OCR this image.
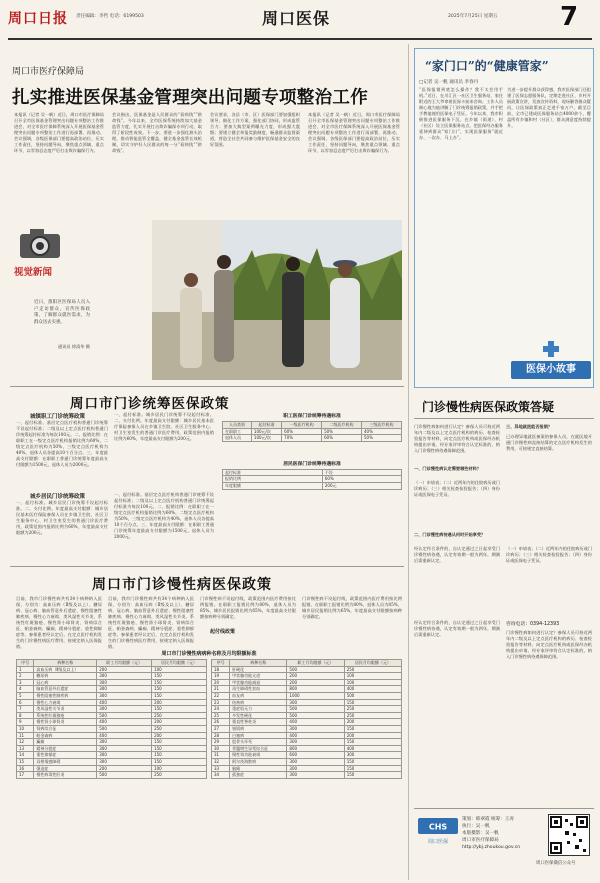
周口日报 责任编辑：李哲 电话：6199503	周口医保	2025年7月25日 星期五 7
周口市医疗保障局
扎实推进医保基金管理突出问题专项整治工作
本报讯（记者 吴一帆）近日，周口市医疗保障局召开全市医保基金管理突出问题专项整治工作推进会，对全市医疗保障系统深入开展医保基金管理突出问题专项整治工作进行再部署、再推动。会议强调，各级医保部门要提高政治站位，压实工作责任，坚持问题导向，聚焦重点领域、重点环节，以零容忍态度严厉打击欺诈骗保行为。
会议指出，医保基金是人民群众的“看病钱”“救命钱”。今年以来，全市医保系统持续加大基金监管力度，扎实开展打击欺诈骗保专项行动，取得了阶段性成效。下一步，要进一步强化源头治理，推动智能监管全覆盖，健全基金监管长效机制，切实守护好人民群众的每一分“看病钱”“救命钱”。
会议要求，各县（市、区）医保部门要加强组织领导，细化工作方案，强化部门协同，形成监管合力；要加大典型案例曝光力度，形成强大震慑；要建立健全举报奖励制度，畅通群众监督渠道，营造全社会共同参与维护医保基金安全的良好氛围。
本报讯（记者 吴一帆）近日，周口市医疗保障局召开全市医保基金管理突出问题专项整治工作推进会，对全市医疗保障系统深入开展医保基金管理突出问题专项整治工作进行再部署、再推动。会议强调，各级医保部门要提高政治站位，压实工作责任，坚持问题导向，聚焦重点领域、重点环节，以零容忍态度严厉打击欺诈骗保行为。
视觉新闻
近日，淮阳区医保局人员入户走访群众，宣传医保政策，了解群众就医需求，为群众送去实惠。
通讯员 徐清华 摄
周口市门诊统筹医保政策
城镇职工门诊统筹政策
一、起付标准。基层定点医疗机构普通门诊统筹不设起付标准；二级及以上定点医疗机构普通门诊统筹起付标准为每次100元。二、报销比例：在职职工在一级定点医疗机构报销比例为60%，二级定点医疗机构为50%，三级定点医疗机构为40%，退休人员各提高10个百分点。三、年度最高支付限额：在职职工普通门诊统筹年度最高支付限额为1500元，退休人员为2000元。
一、起付标准。城乡居民门诊统筹不设起付标准。二、支付比例。年度最高支付限额：城乡居民基本医疗保险参保人员在乡镇卫生院、社区卫生服务中心、村卫生室发生的普通门诊医疗费用，政策范围内报销比例为60%，年度最高支付限额为200元。
城乡居民门诊统筹政策
一、起付标准。城乡居民门诊统筹不设起付标准。二、支付比例。年度最高支付限额：城乡居民基本医疗保险参保人员在乡镇卫生院、社区卫生服务中心、村卫生室发生的普通门诊医疗费用，政策范围内报销比例为60%，年度最高支付限额为200元。
一、起付标准。基层定点医疗机构普通门诊统筹不设起付标准；二级及以上定点医疗机构普通门诊统筹起付标准为每次100元。二、报销比例：在职职工在一级定点医疗机构报销比例为60%，二级定点医疗机构为50%，三级定点医疗机构为40%，退休人员各提高10个百分点。三、年度最高支付限额：在职职工普通门诊统筹年度最高支付限额为1500元，退休人员为2000元。
职工医保门诊统筹待遇标准
人员类别	起付标准	一级医疗机构	二级医疗机构	三级医疗机构
在职职工	100元/次	60%	50%	40%
退休人员	100元/次	70%	60%	50%
居民医保门诊统筹待遇标准
起付标准	不设
报销比例	60%
年度限额	200元
周口市门诊慢性病医保政策
目前，我市门诊慢性病共有34个病种纳入医保，分别为：高血压病（Ⅱ级及以上）、糖尿病、冠心病、脑血管意外后遗症、慢性阻塞性肺疾病、慢性心力衰竭、类风湿性关节炎、系统性红斑狼疮、慢性肾小球肾炎、肾病综合征、帕金森病、癫痫、精神分裂症、重性抑郁症等。参保患者经认定后，在定点医疗机构发生的门诊慢性病医疗费用，按规定纳入医保报销。
目前，我市门诊慢性病共有34个病种纳入医保，分别为：高血压病（Ⅱ级及以上）、糖尿病、冠心病、脑血管意外后遗症、慢性阻塞性肺疾病、慢性心力衰竭、类风湿性关节炎、系统性红斑狼疮、慢性肾小球肾炎、肾病综合征、帕金森病、癫痫、精神分裂症、重性抑郁症等。参保患者经认定后，在定点医疗机构发生的门诊慢性病医疗费用，按规定纳入医保报销。
起付线政策
门诊慢性病不设起付线，政策范围内医疗费用按比例报销。在职职工报销比例为80%，退休人员为85%，城乡居民报销比例为65%，年度最高支付限额按病种分别确定。
门诊慢性病不设起付线，政策范围内医疗费用按比例报销。在职职工报销比例为80%，退休人员为85%，城乡居民报销比例为65%，年度最高支付限额按病种分别确定。
周口市门诊慢性病病种名称及月均限额标准
序号	病种名称	职工月均限额（元）	居民月均限额（元）
1	高血压病（Ⅱ级及以上）	200	100
2	糖尿病	300	150
3	冠心病	300	150
4	脑血管意外后遗症	300	150
5	慢性阻塞性肺疾病	300	150
6	慢性心力衰竭	400	200
7	类风湿性关节炎	300	150
8	系统性红斑狼疮	500	250
9	慢性肾小球肾炎	400	200
10	肾病综合征	500	250
11	帕金森病	400	200
12	癫痫	300	150
13	精神分裂症	300	150
14	重性抑郁症	300	150
15	双相情感障碍	300	150
16	强迫症	200	100
17	慢性病毒性肝炎	500	250
序号	病种名称	职工月均限额（元）	居民月均限额（元）
18	肝硬化	500	250
19	甲状腺功能亢进	200	100
20	甲状腺功能减退	200	100
21	再生障碍性贫血	800	400
22	血友病	1000	500
23	结核病	300	150
24	重症肌无力	500	250
25	多发性硬化	500	250
26	强直性脊柱炎	400	200
27	银屑病	300	150
28	白塞病	400	200
29	股骨头坏死	300	150
30	骨髓增生异常综合征	800	400
31	慢性肾功能衰竭	600	300
32	阿尔茨海默病	300	150
33	脑瘫	300	150
34	孤独症	300	150
“家门口”的“健康管家”
□记者 吴一帆 通讯员 李春丹
“医保报销到底怎么操作？我不太会用手机。”近日，在川汇区一社区卫生服务站，家住附近的王大爷拿着医保卡前来咨询。工作人员耐心地为他讲解了门诊统筹报销政策，并手把手教他使用医保电子凭证。今年以来，我市积极推进医保服务下沉，在乡镇（街道）、村（社区）设立医保服务站点，把医保经办服务延伸到群众“家门口”，实现医保服务“就近办、一次办、马上办”。
为进一步提升群众获得感，我市医保部门还组建了医保志愿服务队，定期走进社区、乡村开展政策宣讲，发放宣传资料，现场解答群众疑问，让医保政策真正走进千家万户。截至目前，全市已建成医保服务站点4000余个，覆盖所有乡镇和村（社区），群众满意度持续提升。
医保小故事
门诊慢性病医保政策答疑
门诊慢性病如何进行认定？参保人员可持近两年内二级及以上定点医疗机构的病历、检查检验报告等材料，向定点医疗机构或医保经办机构提出申请，经专家评审符合认定标准的，纳入门诊慢性病待遇保障范围。
一、门诊慢性病认定需要哪些材料？
（一）申请表；（二）近两年内的住院病历或门诊病历；（三）相关检查检验报告；（四）身份证或医保电子凭证。
二、门诊慢性病待遇从何时开始享受？
经认定符合条件的，自认定通过之日起享受门诊慢性病待遇，认定有效期一般为两年，期满后需重新认定。
三、异地就医能否报销？
已办理异地就医备案的参保人员，在就医地开通门诊慢性病直接结算的定点医疗机构发生的费用，可按规定直接结算。
（一）申请表；（二）近两年内的住院病历或门诊病历；（三）相关检查检验报告；（四）身份证或医保电子凭证。
咨询电话：0394-12393
经认定符合条件的，自认定通过之日起享受门诊慢性病待遇，认定有效期一般为两年，期满后需重新认定。	门诊慢性病如何进行认定？参保人员可持近两年内二级及以上定点医疗机构的病历、检查检验报告等材料，向定点医疗机构或医保经办机构提出申请，经专家评审符合认定标准的，纳入门诊慢性病待遇保障范围。
CHS
周口医保
策划：韩翠霞 统筹：王涛
执行：吴一帆
本版摄影：吴一帆
周口市医疗保障局
http://ybj.zhoukou.gov.cn
周口医保微信公众号
